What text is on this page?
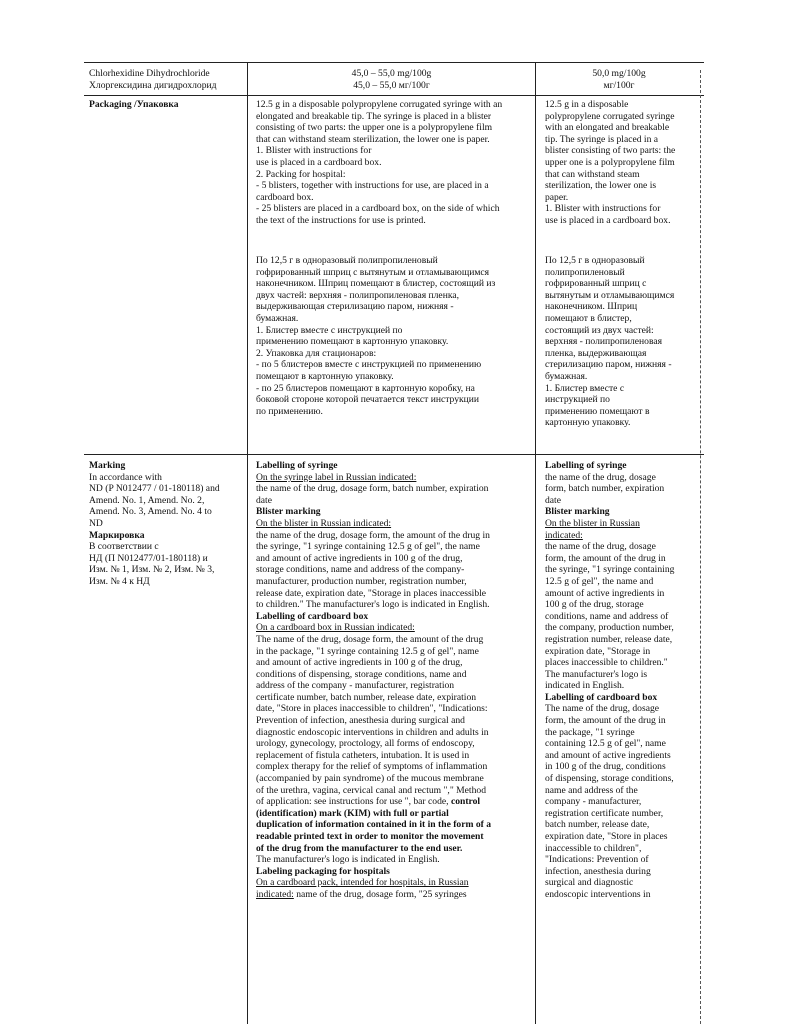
Chlorhexidine Dihydrochloride

Хлоргексидина дигидрохлорид

45,0 – 55,0 mg/100g

45,0 – 55,0 мг/100г

50,0 mg/100g

мг/100г

Packaging /Упаковка	12.5 g in a disposable polypropylene corrugated syringe with an

elongated and breakable tip. The syringe is placed in a blister

consisting of two parts: the upper one is a polypropylene film

that can withstand steam sterilization, the lower one is paper.

1. Blister with instructions for

use is placed in a cardboard box.

2. Packing for hospital:

- 5 blisters, together with instructions for use, are placed in a

cardboard box.

- 25 blisters are placed in a cardboard box, on the side of which

the text of the instructions for use is printed.

По 12,5 г в одноразовый полипропиленовый

гофрированный шприц с вытянутым и отламывающимся

наконечником. Шприц помещают в блистер, состоящий из

двух частей: верхняя - полипропиленовая пленка,

выдерживающая стерилизацию паром, нижняя -

бумажная.

1. Блистер вместе с инструкцией по

применению помещают в картонную упаковку.

2. Упаковка для стационаров:

- по 5 блистеров вместе с инструкцией по применению

помещают в картонную упаковку.

- по 25 блистеров помещают в картонную коробку, на

боковой стороне которой печатается текст инструкции

по применению.

12.5 g in a disposable

polypropylene corrugated syringe

with an elongated and breakable

tip. The syringe is placed in a

blister consisting of two parts: the

upper one is a polypropylene film

that can withstand steam

sterilization, the lower one is

paper.

1. Blister with instructions for

use is placed in a cardboard box.

По 12,5 г в одноразовый

полипропиленовый

гофрированный шприц с

вытянутым и отламывающимся

наконечником. Шприц

помещают в блистер,

состоящий из двух частей:

верхняя - полипропиленовая

пленка, выдерживающая

стерилизацию паром, нижняя -

бумажная.

1. Блистер вместе с

инструкцией по

применению помещают в

картонную упаковку.

Marking

In accordance with

ND (P N012477 / 01-180118) and

Amend. No. 1, Amend. No. 2,

Amend. No. 3, Amend. No. 4 to

ND

Маркировка

В соответствии с

НД (П N012477/01-180118) и

Изм. № 1, Изм. № 2, Изм. № 3,

Изм. № 4 к НД

Labelling of syringe

On the syringe label in Russian indicated:

the name of the drug, dosage form, batch number, expiration

date

Blister marking

On the blister in Russian indicated:

the name of the drug, dosage form, the amount of the drug in

the syringe, "1 syringe containing 12.5 g of gel", the name

and amount of active ingredients in 100 g of the drug,

storage conditions, name and address of the company-

manufacturer, production number, registration number,

release date, expiration date, "Storage in places inaccessible

to children." The manufacturer's logo is indicated in English.

Labelling of cardboard box

On a cardboard box in Russian indicated:

The name of the drug, dosage form, the amount of the drug

in the package, "1 syringe containing 12.5 g of gel", name

and amount of active ingredients in 100 g of the drug,

conditions of dispensing, storage conditions, name and

address of the company - manufacturer, registration

certificate number, batch number, release date, expiration

date, "Store in places inaccessible to children", "Indications:

Prevention of infection, anesthesia during surgical and

diagnostic endoscopic interventions in children and adults in

urology, gynecology, proctology, all forms of endoscopy,

replacement of fistula catheters, intubation. It is used in

complex therapy for the relief of symptoms of inflammation

(accompanied by pain syndrome) of the mucous membrane

of the urethra, vagina, cervical canal and rectum "," Method

of application: see instructions for use ", bar code, control

(identification) mark (KIM) with full or partial

duplication of information contained in it in the form of a

readable printed text in order to monitor the movement

of the drug from the manufacturer to the end user.

The manufacturer's logo is indicated in English.

Labeling packaging for hospitals

On a cardboard pack, intended for hospitals, in Russian

indicated: name of the drug, dosage form, "25 syringes

Labelling of syringe

the name of the drug, dosage

form, batch number, expiration

date

Blister marking

On the blister in Russian

indicated:

the name of the drug, dosage

form, the amount of the drug in

the syringe, "1 syringe containing

12.5 g of gel", the name and

amount of active ingredients in

100 g of the drug, storage

conditions, name and address of

the company, production number,

registration number, release date,

expiration date, "Storage in

places inaccessible to children."

The manufacturer's logo is

indicated in English.

Labelling of cardboard box

The name of the drug, dosage

form, the amount of the drug in

the package, "1 syringe

containing 12.5 g of gel", name

and amount of active ingredients

in 100 g of the drug, conditions

of dispensing, storage conditions,

name and address of the

company - manufacturer,

registration certificate number,

batch number, release date,

expiration date, "Store in places

inaccessible to children",

"Indications: Prevention of

infection, anesthesia during

surgical and diagnostic

endoscopic interventions in
